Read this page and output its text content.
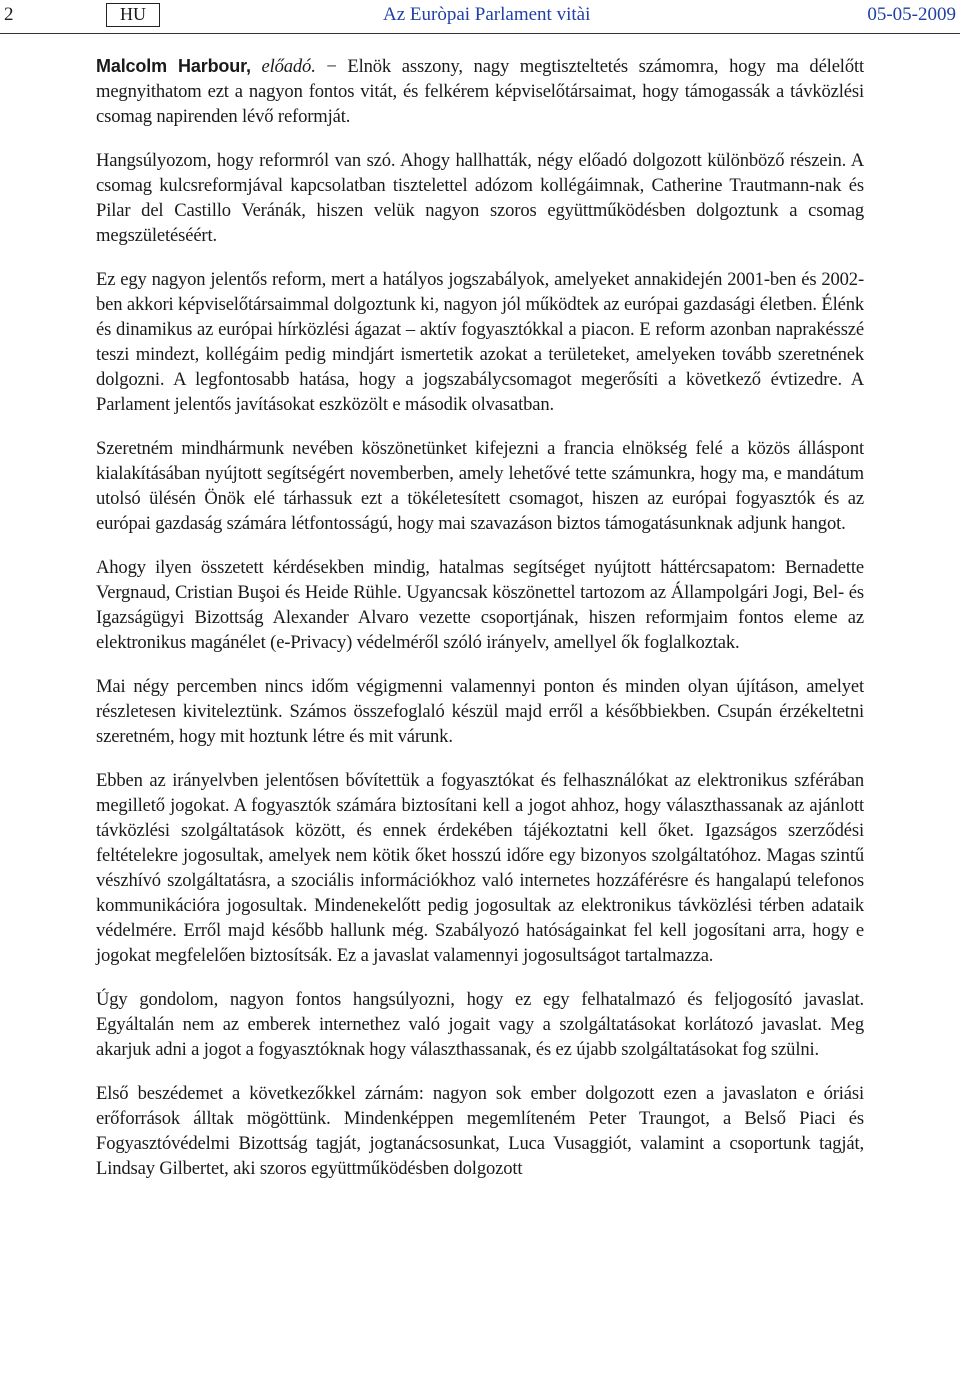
2	HU	Az Euròpai Parlament vitài	05-05-2009

Malcolm Harbour, előadó. − Elnök asszony, nagy megtiszteltetés számomra, hogy ma délelőtt megnyithatom ezt a nagyon fontos vitát, és felkérem képviselőtársaimat, hogy támogassák a távközlési csomag napirenden lévő reformját.

Hangsúlyozom, hogy reformról van szó. Ahogy hallhatták, négy előadó dolgozott különböző részein. A csomag kulcsreformjával kapcsolatban tisztelettel adózom kollégáimnak, Catherine Trautmann-nak és Pilar del Castillo Veránák, hiszen velük nagyon szoros együttműködésben dolgoztunk a csomag megszületéséért.

Ez egy nagyon jelentős reform, mert a hatályos jogszabályok, amelyeket annakidején 2001-ben és 2002-ben akkori képviselőtársaimmal dolgoztunk ki, nagyon jól működtek az európai gazdasági életben. Élénk és dinamikus az európai hírközlési ágazat – aktív fogyasztókkal a piacon. E reform azonban naprakésszé teszi mindezt, kollégáim pedig mindjárt ismertetik azokat a területeket, amelyeken tovább szeretnének dolgozni. A legfontosabb hatása, hogy a jogszabálycsomagot megerősíti a következő évtizedre. A Parlament jelentős javításokat eszközölt e második olvasatban.

Szeretném mindhármunk nevében köszönetünket kifejezni a francia elnökség felé a közös álláspont kialakításában nyújtott segítségért novemberben, amely lehetővé tette számunkra, hogy ma, e mandátum utolsó ülésén Önök elé tárhassuk ezt a tökéletesített csomagot, hiszen az európai fogyasztók és az európai gazdaság számára létfontosságú, hogy mai szavazáson biztos támogatásunknak adjunk hangot.

Ahogy ilyen összetett kérdésekben mindig, hatalmas segítséget nyújtott háttércsapatom: Bernadette Vergnaud, Cristian Buşoi és Heide Rühle. Ugyancsak köszönettel tartozom az Állampolgári Jogi, Bel- és Igazságügyi Bizottság Alexander Alvaro vezette csoportjának, hiszen reformjaim fontos eleme az elektronikus magánélet (e-Privacy) védelméről szóló irányelv, amellyel ők foglalkoztak.

Mai négy percemben nincs időm végigmenni valamennyi ponton és minden olyan újításon, amelyet részletesen kiviteleztünk. Számos összefoglaló készül majd erről a későbbiekben. Csupán érzékeltetni szeretném, hogy mit hoztunk létre és mit várunk.

Ebben az irányelvben jelentősen bővítettük a fogyasztókat és felhasználókat az elektronikus szférában megillető jogokat. A fogyasztók számára biztosítani kell a jogot ahhoz, hogy választhassanak az ajánlott távközlési szolgáltatások között, és ennek érdekében tájékoztatni kell őket. Igazságos szerződési feltételekre jogosultak, amelyek nem kötik őket hosszú időre egy bizonyos szolgáltatóhoz. Magas szintű vészhívó szolgáltatásra, a szociális információkhoz való internetes hozzáférésre és hangalapú telefonos kommunikációra jogosultak. Mindenekelőtt pedig jogosultak az elektronikus távközlési térben adataik védelmére. Erről majd később hallunk még. Szabályozó hatóságainkat fel kell jogosítani arra, hogy e jogokat megfelelően biztosítsák. Ez a javaslat valamennyi jogosultságot tartalmazza.

Úgy gondolom, nagyon fontos hangsúlyozni, hogy ez egy felhatalmazó és feljogosító javaslat. Egyáltalán nem az emberek internethez való jogait vagy a szolgáltatásokat korlátozó javaslat. Meg akarjuk adni a jogot a fogyasztóknak hogy választhassanak, és ez újabb szolgáltatásokat fog szülni.

Első beszédemet a következőkkel zárnám: nagyon sok ember dolgozott ezen a javaslaton e óriási erőforrások álltak mögöttünk. Mindenképpen megemlíteném Peter Traungot, a Belső Piaci és Fogyasztóvédelmi Bizottság tagját, jogtanácsosunkat, Luca Vusaggiót, valamint a csoportunk tagját, Lindsay Gilbertet, aki szoros együttműködésben dolgozott
